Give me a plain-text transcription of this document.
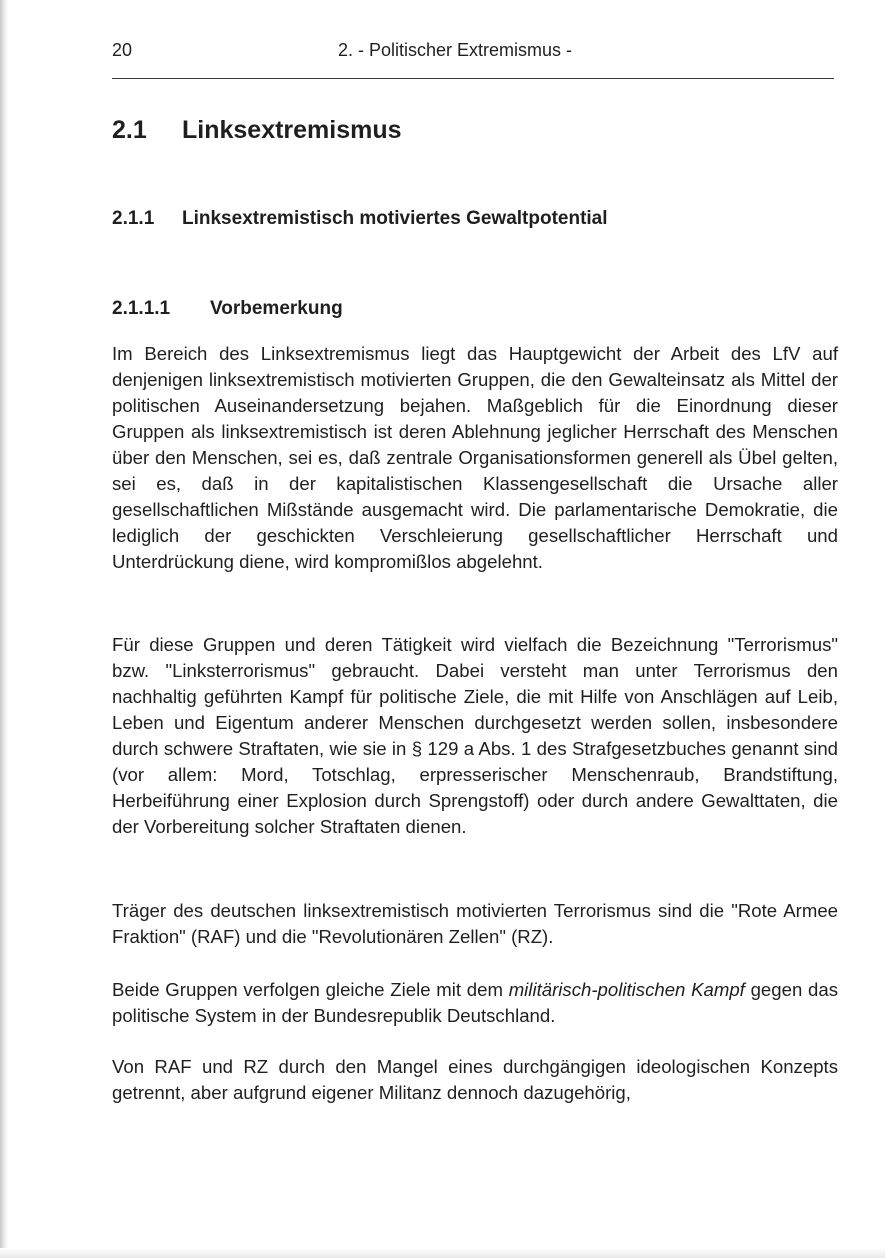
20	2. - Politischer Extremismus -
2.1 Linksextremismus
2.1.1 Linksextremistisch motiviertes Gewaltpotential
2.1.1.1 Vorbemerkung

Im Bereich des Linksextremismus liegt das Hauptgewicht der Arbeit des LfV auf denjenigen linksextremistisch motivierten Gruppen, die den Gewalteinsatz als Mittel der politischen Auseinandersetzung bejahen. Maßgeblich für die Einordnung dieser Gruppen als linksextremistisch ist deren Ablehnung jeglicher Herrschaft des Menschen über den Menschen, sei es, daß zentrale Organisationsformen generell als Übel gelten, sei es, daß in der kapitalistischen Klassengesellschaft die Ursache aller gesellschaftlichen Mißstände ausgemacht wird. Die parlamentarische Demokratie, die lediglich der geschickten Verschleierung gesellschaftlicher Herrschaft und Unterdrückung diene, wird kompromißlos abgelehnt.

Für diese Gruppen und deren Tätigkeit wird vielfach die Bezeichnung "Terrorismus" bzw. "Linksterrorismus" gebraucht. Dabei versteht man unter Terrorismus den nachhaltig geführten Kampf für politische Ziele, die mit Hilfe von Anschlägen auf Leib, Leben und Eigentum anderer Menschen durchgesetzt werden sollen, insbesondere durch schwere Straftaten, wie sie in § 129 a Abs. 1 des Strafgesetzbuches genannt sind (vor allem: Mord, Totschlag, erpresserischer Menschenraub, Brandstiftung, Herbeiführung einer Explosion durch Sprengstoff) oder durch andere Gewalttaten, die der Vorbereitung solcher Straftaten dienen.

Träger des deutschen linksextremistisch motivierten Terrorismus sind die "Rote Armee Fraktion" (RAF) und die "Revolutionären Zellen" (RZ).

Beide Gruppen verfolgen gleiche Ziele mit dem militärisch-politischen Kampf gegen das politische System in der Bundesrepublik Deutschland.

Von RAF und RZ durch den Mangel eines durchgängigen ideologischen Konzepts getrennt, aber aufgrund eigener Militanz dennoch dazugehörig,
